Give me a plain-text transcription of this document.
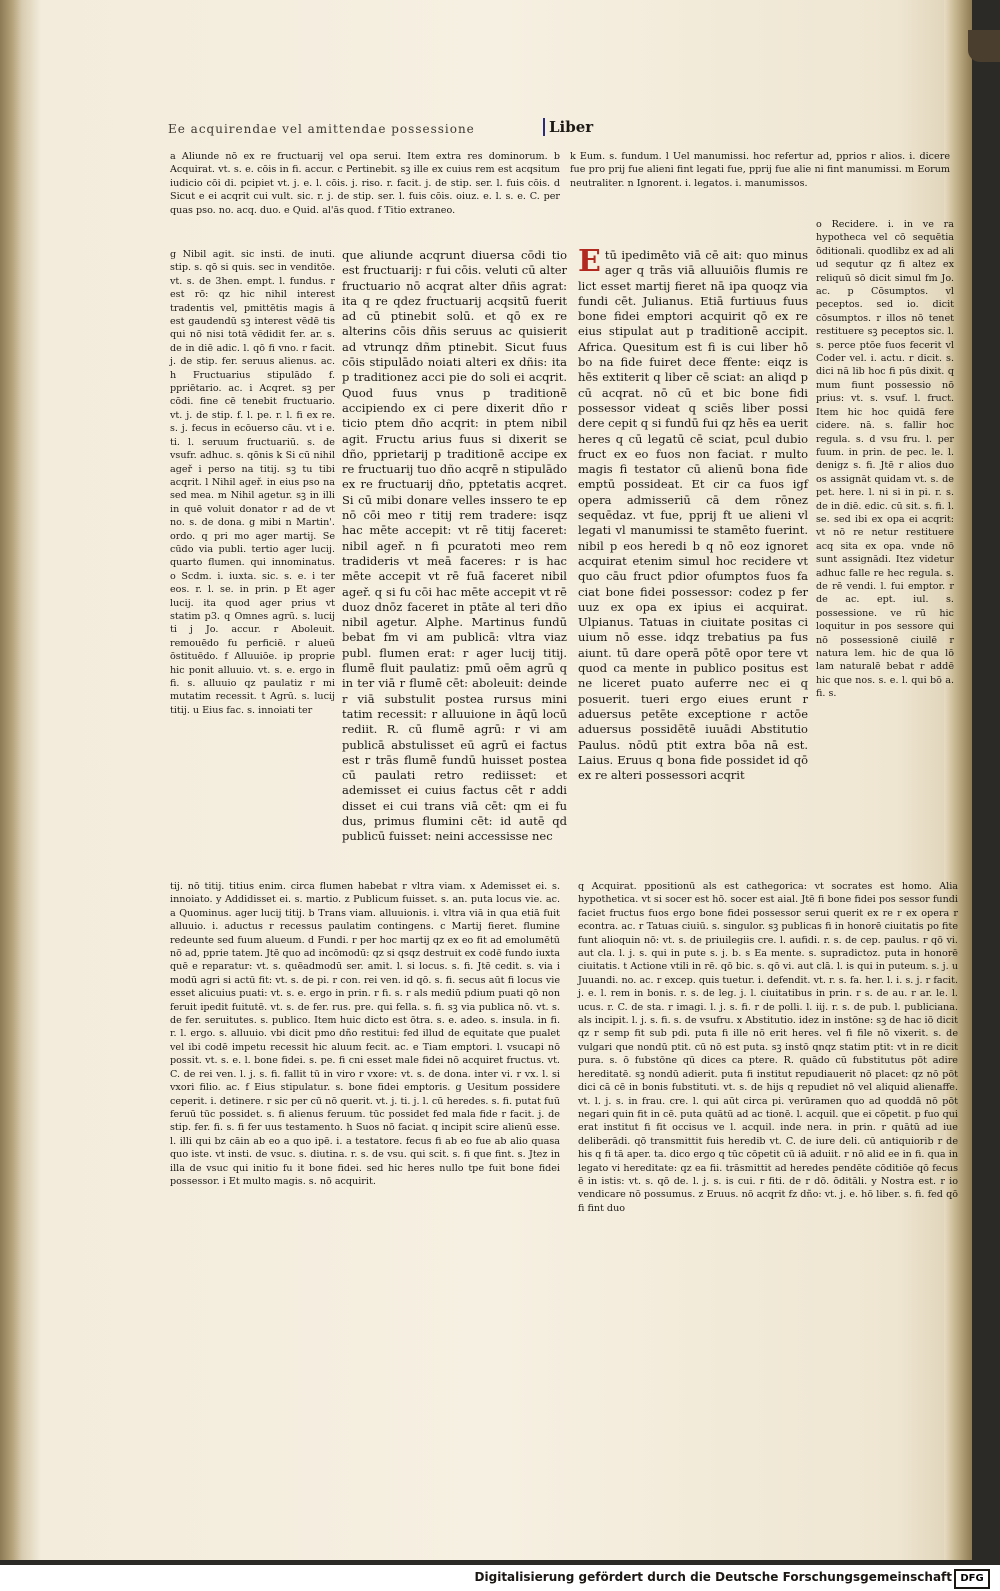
Ee acquirendae vel amittendae possessione	Liber

a Aliunde nō ex re fructuarij vel opa serui. Item extra res dominorum. b Acquirat. vt. s. e. cōis in fi. accur. c Pertinebit. sꝫ ille ex cuius rem est acqsitum iudicio cōi di. pcipiet vt. j. e. l. cōis. j. riso. r. facit. j. de stip. ser. l. fuis cōis. d Sicut e ei acqrit cui vult. sic. r. j. de stip. ser. l. fuis cōis. oiuz. e. l. s. e. C. per quas pso. no. acq. duo. e Quid. al'ās quod. f Titio extraneo.

k Eum. s. fundum. l Uel manumissi. hoc refertur ad, pprios r alios. i. dicere fue pro prij fue alieni fint legati fue, pprij fue alie ni fint manumissi. m Eorum neutraliter. n Ignorent. i. legatos. i. manumissos.

g Nibil agit. sic insti. de inuti. stip. s. qō si quis. sec in venditōe. vt. s. de 3hen. empt. l. fundus. r est rō: qz hic nihil interest tradentis vel, pmittētis magis ā est gaudendū sꝫ interest vēdē tis qui nō nisi totā vēdidit fer. ar. s. de in diē adic. l. qō fi vno. r facit. j. de stip. fer. seruus alienus. ac. h Fructuarius stipulādo f. ppriētario. ac. i Acqret. sꝫ per cōdi. fine cē tenebit fructuario. vt. j. de stip. f. l. pe. r. l. fi ex re. s. j. fecus in ecōuerso cāu. vt i e. ti. l. seruum fructuariū. s. de vsufr. adhuc. s. qōnis k Si cū nihil ageř i perso na titij. sꝫ tu tibi acqrit. l Nihil ageř. in eius pso na sed mea. m Nihil agetur. sꝫ in illi in quē voluit donator r ad de vt no. s. de dona. g mibi n Martin'. ordo. q pri mo ager martij. Se cūdo via publi. tertio ager lucij. quarto flumen. qui innominatus. o Scdm. i. iuxta. sic. s. e. i ter eos. r. l. se. in prin. p Et ager lucij. ita quod ager prius vt statim p3. q Omnes agrū. s. lucij ti j Jo. accur. r Aboleuit. remouēdo fu perficiē. r alueū ōstituēdo. f Alluuiōe. ip proprie hic ponit alluuio. vt. s. e. ergo in fi. s. alluuio qz paulatiz r mi mutatim recessit. t Agrū. s. lucij titij. u Eius fac. s. innoiati ter

que aliunde acqrunt diuersa cōdi tio est fructuarij: r fui cōis. veluti cū alter fructuario nō acqrat alter dñis agrat: ita q re qdez fructuarij acqsitū fuerit ad cū ptinebit solū. et qō ex re alterins cōis dñis seruus ac quisierit ad vtrunqz dñm ptinebit. Sicut fuus cōis stipulādo noiati alteri ex dñis: ita p traditionez acci pie do soli ei acqrit. Quod fuus vnus p traditionē accipiendo ex ci pere dixerit dño r ticio ptem dño acqrit: in ptem nibil agit. Fructu arius fuus si dixerit se dño, pprietarij p traditionē accipe ex re fructuarij tuo dño acqrē n stipulādo ex re fructuarij dño, pptetatis acqret. Si cū mibi donare velles inssero te ep nō cōi meo r titij rem tradere: isqz hac mēte accepit: vt rē titij faceret: nibil ageř. n fi pcuratoti meo rem tradideris vt meā faceres: r is hac mēte accepit vt rē fuā faceret nibil ageř. q si fu cōi hac mēte accepit vt rē duoz dnōz faceret in ptāte al teri dño nibil agetur. Alphe. Martinus fundū bebat fm vi am publicā: vltra viaz publ. flumen erat: r ager lucij titij. flumē fluit paulatiz: pmū oēm agrū q in ter viā r flumē cēt: aboleuit: deinde r viā substulit postea rursus mini tatim recessit: r alluuione in āqū locū rediit. R. cū flumē agrū: r vi am publicā abstulisset eū agrū ei factus est r trās flumē fundū huisset postea cū paulati retro rediisset: et ademisset ei cuius factus cēt r addi disset ei cui trans viā cēt: qm ei fu dus, primus flumini cēt: id autē qd publicū fuisset: neini accessisse nec

E tū ipedimēto viā cē ait: quo minus ager q trās viā alluuiōis flumis re lict esset martij fieret nā ipa quoqz via fundi cēt. Julianus. Etiā furtiuus fuus bone fidei emptori acquirit qō ex re eius stipulat aut p traditionē accipit. Africa. Quesitum est fi is cui liber hō bo na fide fuiret dece ffente: eiqz is hēs extiterit q liber cē sciat: an aliqd p cū acqrat. nō cū et bic bone fidi possessor videat q sciēs liber possi dere cepit q si fundū fui qz hēs ea uerit heres q cū legatū cē sciat, pcul dubio fruct ex eo fuos non faciat. r multo magis fi testator cū alienū bona fide emptū possideat. Et cir ca fuos igf opera admisseriū cā dem rōnez sequēdaz. vt fue, pprij ft ue alieni vl legati vl manumissi te stamēto fuerint. nibil p eos heredi b q nō eoz ignoret acquirat etenim simul hoc recidere vt quo cāu fruct pdior ofumptos fuos fa ciat bone fidei possessor: codez p fer uuz ex opa ex ipius ei acquirat. Ulpianus. Tatuas in ciuitate positas ci uium nō esse. idqz trebatius pa fus aiunt. tū dare operā pōtē opor tere vt quod ca mente in publico positus est ne liceret puato auferre nec ei q posuerit. tueri ergo eiues erunt r aduersus petēte exceptione r actōe aduersus possidētē iuuādi Abstitutio Paulus. nōdū ptit extra bōa nā est. Laius. Eruus q bona fide possidet id qō ex re alteri possessori acqrit

o Recidere. i. in ve ra hypotheca vel cō sequētia ōditionali. quodlibz ex ad ali ud sequtur qz fi altez ex reliquū sō dicit simul fm Jo. ac. p Cōsumptos. vl peceptos. sed io. dicit cōsumptos. r illos nō tenet restituere sꝫ peceptos sic. l. s. perce ptōe fuos fecerit vl Coder vel. i. actu. r dicit. s. dici nā lib hoc fi pūs dixit. q mum fiunt possessio nō prius: vt. s. vsuf. l. fruct. Item hic hoc quidā fere cidere. nā. s. fallir hoc regula. s. d vsu fru. l. per fuum. in prin. de pec. le. l. denigz s. fi. Jtē r alios duo os assignāt quidam vt. s. de pet. here. l. ni si in pi. r. s. de in diē. edic. cū sit. s. fi. l. se. sed ibi ex opa ei acqrit: vt nō re netur restituere acq sita ex opa. vnde nō sunt assignādi. Itez videtur adhuc falle re hec regula. s. de rē vendi. l. fui emptor. r de ac. ept. iul. s. possessione. ve rū hic loquitur in pos sessore qui nō possessionē ciuilē r natura lem. hic de qua lō lam naturalē bebat r addē hic que nos. s. e. l. qui bō a. fi. s.

tij. nō titij. titius enim. circa flumen habebat r vltra viam. x Ademisset ei. s. innoiato. y Addidisset ei. s. martio. z Publicum fuisset. s. an. puta locus vie. ac. a Quominus. ager lucij titij. b Trans viam. alluuionis. i. vltra viā in qua etiā fuit alluuio. i. aductus r recessus paulatim contingens. c Martij fieret. flumine redeunte sed fuum alueum. d Fundi. r per hoc martij qz ex eo fit ad emolumētū nō ad, pprie tatem. Jtē quo ad incōmodū: qz si qsqz destruit ex codē fundo iuxta quē e reparatur: vt. s. quēadmodū ser. amit. l. si locus. s. fi. Jtē cedit. s. via i modū agri si actū fit: vt. s. de pi. r con. rei ven. id qō. s. fi. secus aūt fi locus vie esset alicuius puati: vt. s. e. ergo in prin. r fi. s. r als mediū pdium puati qō non feruit ipedit fuitutē. vt. s. de fer. rus. pre. qui fella. s. fi. sꝫ via publica nō. vt. s. de fer. seruitutes. s. publico. Item huic dicto est ōtra. s. e. adeo. s. insula. in fi. r. l. ergo. s. alluuio. vbi dicit pmo dño restitui: fed illud de equitate que pualet vel ibi codē impetu recessit hic aluum fecit. ac. e Tiam emptori. l. vsucapi nō possit. vt. s. e. l. bone fidei. s. pe. fi cni esset male fidei nō acquiret fructus. vt. C. de rei ven. l. j. s. fi. fallit tū in viro r vxore: vt. s. de dona. inter vi. r vx. l. si vxori filio. ac. f Eius stipulatur. s. bone fidei emptoris. g Uesitum possidere ceperit. i. detinere. r sic per cū nō querit. vt. j. ti. j. l. cū heredes. s. fi. putat fuū feruū tūc possidet. s. fi alienus feruum. tūc possidet fed mala fide r facit. j. de stip. fer. fi. s. fi fer uus testamento. h Suos nō faciat. q incipit scire alienū esse. l. illi qui bz cāin ab eo a quo ipē. i. a testatore. fecus fi ab eo fue ab alio quasa quo iste. vt insti. de vsuc. s. diutina. r. s. de vsu. qui scit. s. fi que fint. s. Jtez in illa de vsuc qui initio fu it bone fidei. sed hic heres nullo tpe fuit bone fidei possessor. i Et multo magis. s. nō acquirit.

q Acquirat. ppositionū als est cathegorica: vt socrates est homo. Alia hypothetica. vt si socer est hō. socer est aial. Jtē fi bone fidei pos sessor fundi faciet fructus fuos ergo bone fidei possessor serui querit ex re r ex opera r econtra. ac. r Tatuas ciuiū. s. singulor. sꝫ publicas fi in honorē ciuitatis po fite funt alioquin nō: vt. s. de priuilegiis cre. l. aufidi. r. s. de cep. paulus. r qō vi. aut cla. l. j. s. qui in pute s. j. b. s Ea mente. s. supradictoz. puta in honorē ciuitatis. t Actione vtili in rē. qō bic. s. qō vi. aut clā. l. is qui in puteum. s. j. u Juuandi. no. ac. r excep. quis tuetur. i. defendit. vt. r. s. fa. her. l. i. s. j. r facit. j. e. l. rem in bonis. r. s. de leg. j. l. ciuitatibus in prin. r s. de au. r ar. le. l. ucus. r. C. de sta. r imagi. l. j. s. fi. r de polli. l. iij. r. s. de pub. l. publiciana. als incipit. l. j. s. fi. s. de vsufru. x Abstitutio. idez in instōne: sꝫ de hac iō dicit qz r semp fit sub pdi. puta fi ille nō erit heres. vel fi file nō vixerit. s. de vulgari que nondū ptit. cū nō est puta. sꝫ instō qnqz statim ptit: vt in re dicit pura. s. ō fubstōne qū dices ca ptere. R. quādo cū fubstitutus pōt adire hereditatē. sꝫ nondū adierit. puta fi institut repudiauerit nō placet: qz nō pōt dici cā cē in bonis fubstituti. vt. s. de hijs q repudiet nō vel aliquid alienaffe. vt. l. j. s. in frau. cre. l. qui aūt circa pi. verūramen quo ad quoddā nō pōt negari quin fit in cē. puta quātū ad ac tionē. l. acquil. que ei cōpetit. p fuo qui erat institut fi fit occisus ve l. acquil. inde nera. in prin. r quātū ad iue deliberādi. qō transmittit fuis heredib vt. C. de iure deli. cū antiquiorib r de his q fi tā aper. ta. dico ergo q tūc cōpetit cū iā aduiit. r nō alid ee in fi. qua in legato vi hereditate: qz ea fii. trāsmittit ad heredes pendēte cōditiōe qō fecus ē in istis: vt. s. qō de. l. j. s. is cui. r fiti. de r dō. ōditāli. y Nostra est. r io vendicare nō possumus. z Eruus. nō acqrit fz dño: vt. j. e. hō liber. s. fi. fed qō fi fint duo

Digitalisierung gefördert durch die Deutsche Forschungsgemeinschaft DFG
